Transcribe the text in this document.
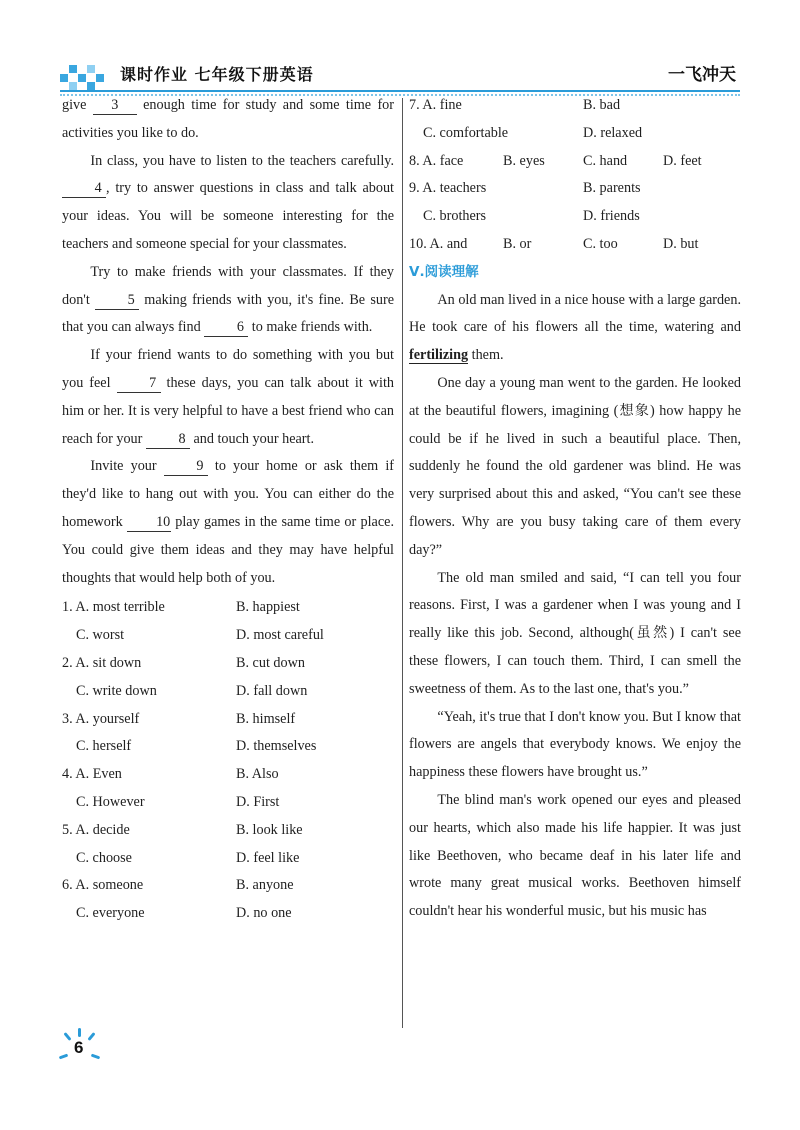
课时作业 七年级下册英语	一飞冲天

give 3 enough time for study and some time for activities you like to do.

In class, you have to listen to the teachers carefully. 4 , try to answer questions in class and talk about your ideas. You will be someone interesting for the teachers and someone special for your classmates.

Try to make friends with your classmates. If they don't 5 making friends with you, it's fine. Be sure that you can always find 6 to make friends with.

If your friend wants to do something with you but you feel 7 these days, you can talk about it with him or her. It is very helpful to have a best friend who can reach for your 8 and touch your heart.

Invite your 9 to your home or ask them if they'd like to hang out with you. You can either do the homework 10 play games in the same time or place. You could give them ideas and they may have helpful thoughts that would help both of you.

1. A. most terrible	B. happiest
C. worst	D. most careful
2. A. sit down	B. cut down
C. write down	D. fall down
3. A. yourself	B. himself
C. herself	D. themselves
4. A. Even	B. Also
C. However	D. First
5. A. decide	B. look like
C. choose	D. feel like
6. A. someone	B. anyone
C. everyone	D. no one
7. A. fine	B. bad
C. comfortable	D. relaxed
8. A. face	B. eyes	C. hand	D. feet
9. A. teachers	B. parents
C. brothers	D. friends
10. A. and	B. or	C. too	D. but
Ⅴ.阅读理解

An old man lived in a nice house with a large garden. He took care of his flowers all the time, watering and fertilizing them.

One day a young man went to the garden. He looked at the beautiful flowers, imagining (想象) how happy he could be if he lived in such a beautiful place. Then, suddenly he found the old gardener was blind. He was very surprised about this and asked, “You can't see these flowers. Why are you busy taking care of them every day?”

The old man smiled and said, “I can tell you four reasons. First, I was a gardener when I was young and I really like this job. Second, although(虽然) I can't see these flowers, I can touch them. Third, I can smell the sweetness of them. As to the last one, that's you.”

“Yeah, it's true that I don't know you. But I know that flowers are angels that everybody knows. We enjoy the happiness these flowers have brought us.”

The blind man's work opened our eyes and pleased our hearts, which also made his life happier. It was just like Beethoven, who became deaf in his later life and wrote many great musical works. Beethoven himself couldn't hear his wonderful music, but his music has

6
